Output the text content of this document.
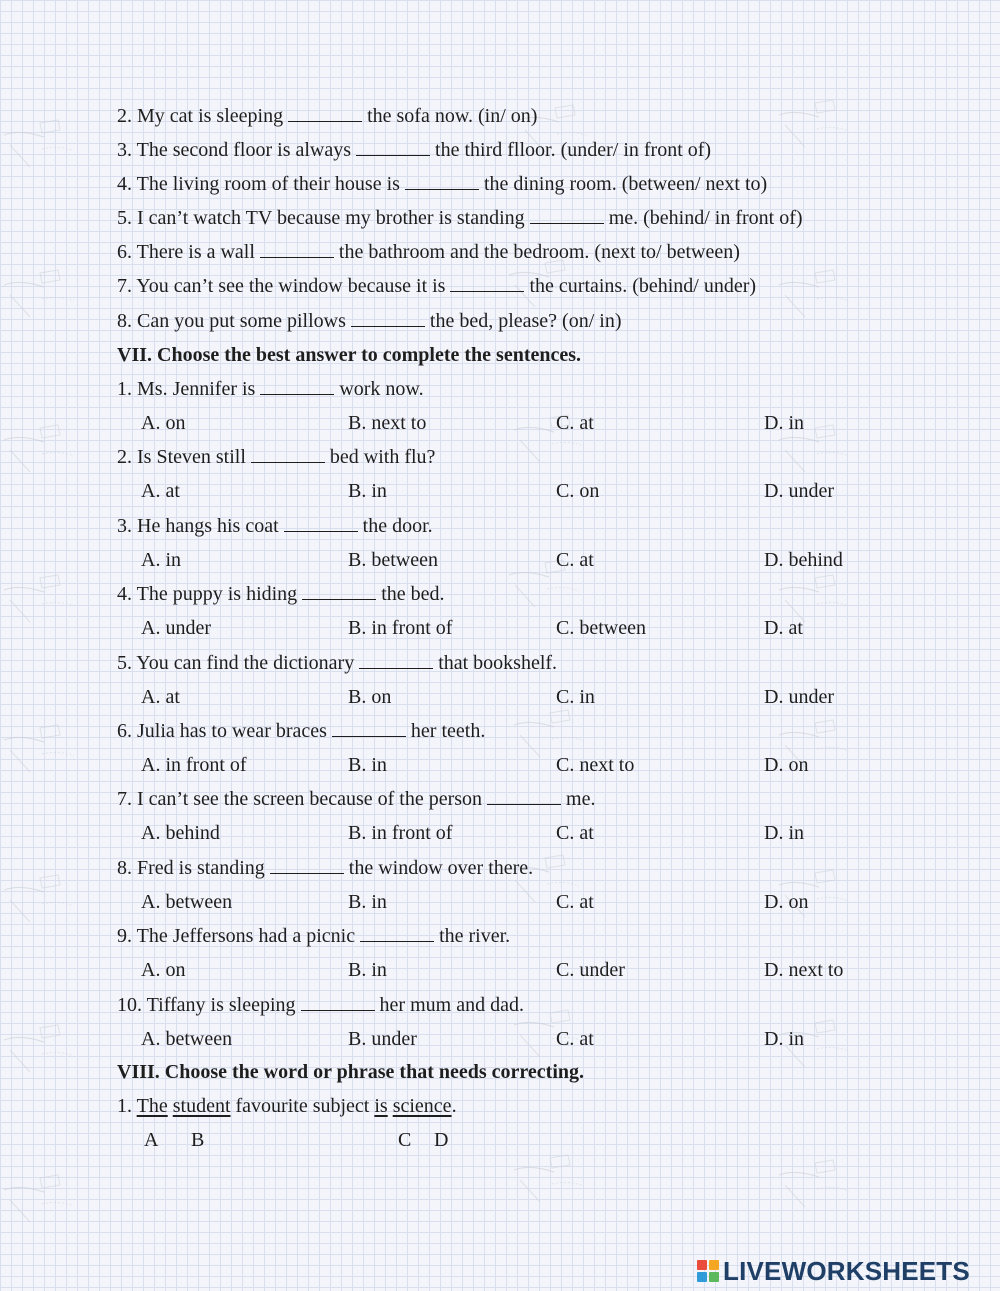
2. My cat is sleeping	the sofa now. (in/ on)
3. The second floor is always	the third flloor. (under/ in front of)
4. The living room of their house is	the dining room. (between/ next to)
5. I can’t watch TV because my brother is standing	me. (behind/ in front of)
6. There is a wall	the bathroom and the bedroom. (next to/ between)
7. You can’t see the window because it is	the curtains. (behind/ under)
8. Can you put some pillows	the bed, please? (on/ in)
VII. Choose the best answer to complete the sentences.
1. Ms. Jennifer is	work now.
A. on	B. next to	C. at	D. in
2. Is Steven still	bed with flu?
A. at	B. in	C. on	D. under
3. He hangs his coat	the door.
A. in	B. between	C. at	D. behind
4. The puppy is hiding	the bed.
A. under	B. in front of	C. between	D. at
5. You can find the dictionary	that bookshelf.
A. at	B. on	C. in	D. under
6. Julia has to wear braces	her teeth.
A. in front of	B. in	C. next to	D. on
7. I can’t see the screen because of the person	me.
A. behind	B. in front of	C. at	D. in
8. Fred is standing	the window over there.
A. between	B. in	C. at	D. on
9. The Jeffersons had a picnic	the river.
A. on	B. in	C. under	D. next to
10. Tiffany is sleeping	her mum and dad.
A. between	B. under	C. at	D. in
VIII. Choose the word or phrase that needs correcting.
1. The student favourite subject is science.
A B	C D
LIVEWORKSHEETS
